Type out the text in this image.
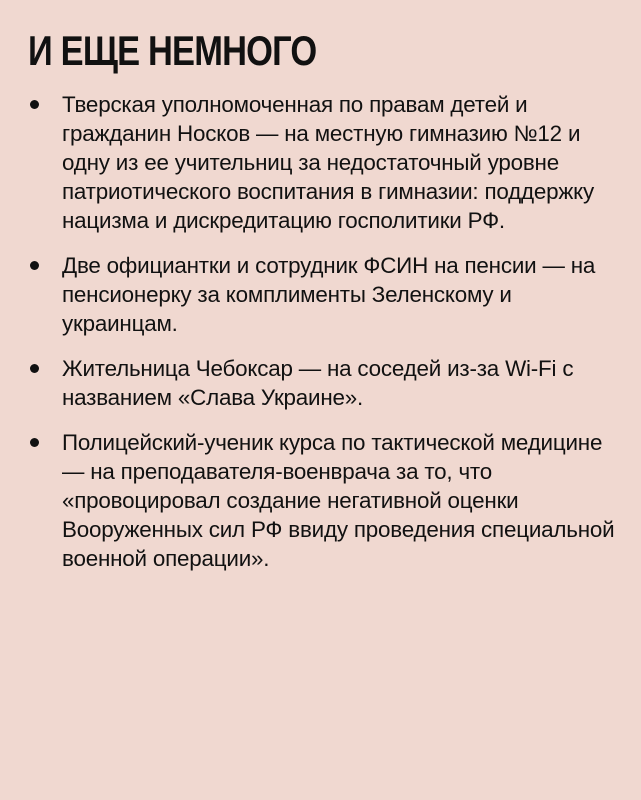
И ЕЩЕ НЕМНОГО
Тверская уполномоченная по правам детей и гражданин Носков — на местную гимназию №12 и одну из ее учительниц за недостаточный уровне патриотического воспитания в гимназии: поддержку нацизма и дискредитацию госполитики РФ.
Две официантки и сотрудник ФСИН на пенсии — на пенсионерку за комплименты Зеленскому и украинцам.
Жительница Чебоксар — на соседей из-за Wi-Fi с названием «Слава Украине».
Полицейский-ученик курса по тактической медицине — на преподавателя-военврача за то, что «провоцировал создание негативной оценки Вооруженных сил РФ ввиду проведения специальной военной операции».
